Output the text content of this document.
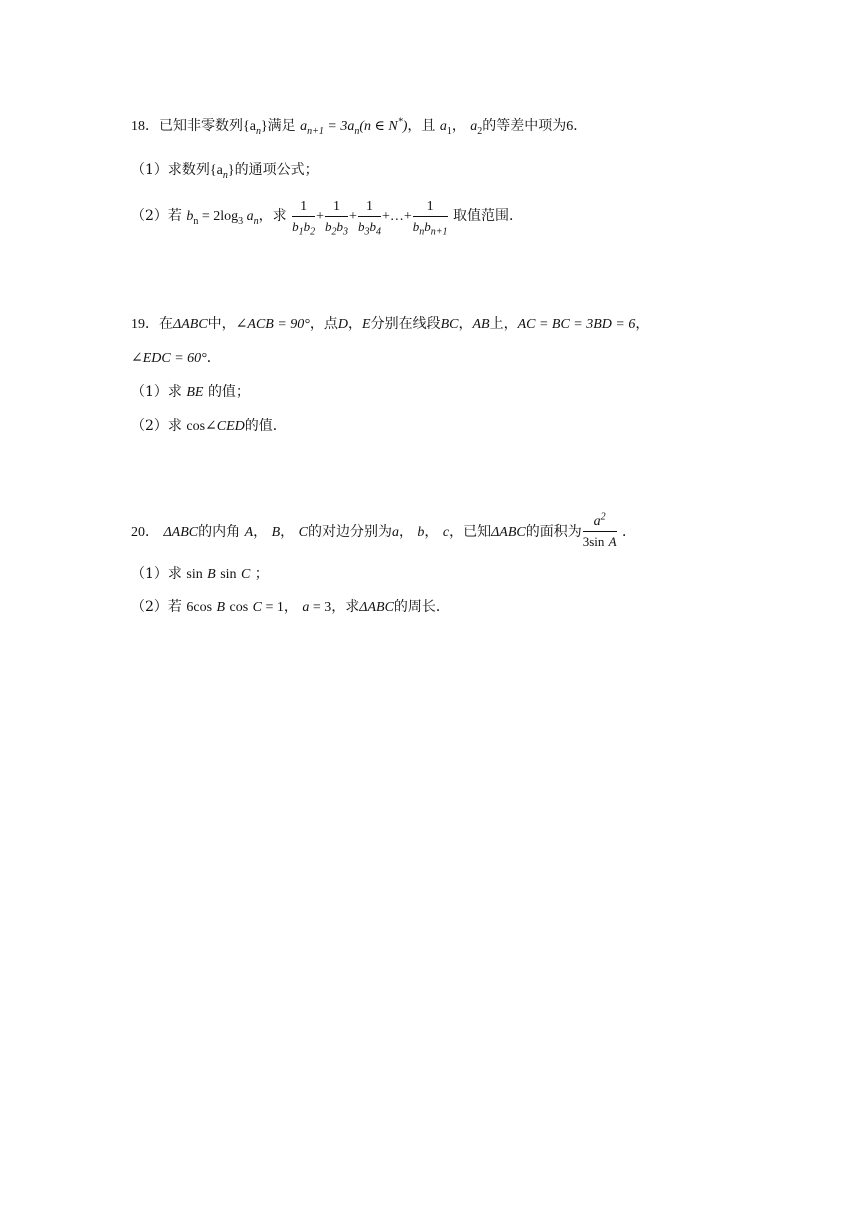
18．已知非零数列$\{a_n\}$满足 $a_{n+1} = 3a_n(n$ ∈ N*)，且 $a_1$， $a_2$的等差中项为6．
（1）求数列$\{a_n\}$的通项公式；
（2）若 $b_n = 2\log_3$ $a_n$，求 $\frac{1}{b_1b_2} + \frac{1}{b_2b_3} + \frac{1}{b_3b_4}$ +…+ $\frac{1}{b_nb_{n+1}}$ 取值范围．
19．在ΔABC中，∠ACB = 90°，点D，E分别在线段BC，AB上，AC = BC = 3BD = 6，
∠EDC = 60°．
（1）求 BE 的值；
（2）求 cos∠CED的值．
20． ΔABC的内角 A， B， C的对边分别为a， b， c，已知ΔABC的面积为 $\frac{a^2}{\text{3sin A}}$ ．
（1）求 sin B sin C ；
（2）若 6cos B cos C = 1， a = 3，求ΔABC的周长．
